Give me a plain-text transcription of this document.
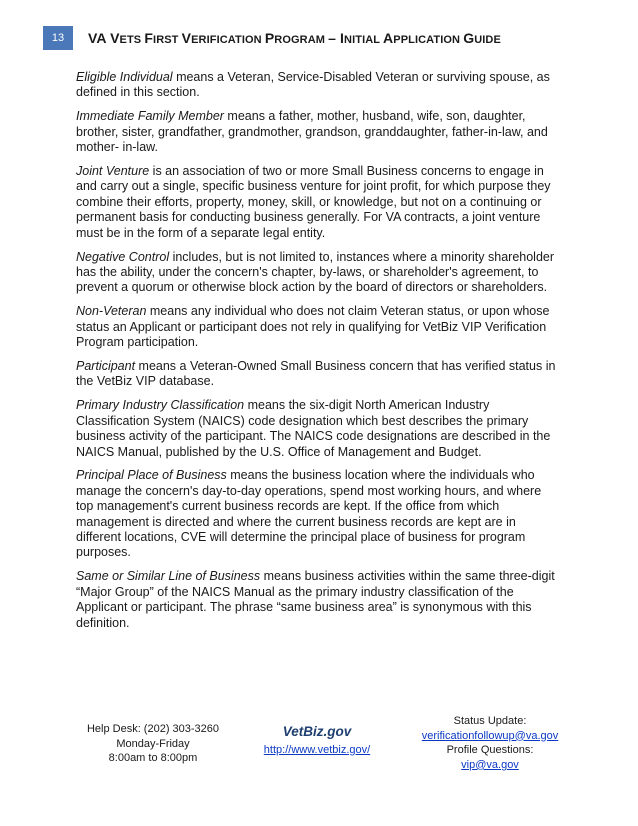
13	VA VETS FIRST VERIFICATION PROGRAM – INITIAL APPLICATION GUIDE

Eligible Individual means a Veteran, Service-Disabled Veteran or surviving spouse, as defined in this section.

Immediate Family Member means a father, mother, husband, wife, son, daughter, brother, sister, grandfather, grandmother, grandson, granddaughter, father-in-law, and mother- in-law.

Joint Venture is an association of two or more Small Business concerns to engage in and carry out a single, specific business venture for joint profit, for which purpose they combine their efforts, property, money, skill, or knowledge, but not on a continuing or permanent basis for conducting business generally. For VA contracts, a joint venture must be in the form of a separate legal entity.

Negative Control includes, but is not limited to, instances where a minority shareholder has the ability, under the concern's chapter, by-laws, or shareholder's agreement, to prevent a quorum or otherwise block action by the board of directors or shareholders.

Non-Veteran means any individual who does not claim Veteran status, or upon whose status an Applicant or participant does not rely in qualifying for VetBiz VIP Verification Program participation.

Participant means a Veteran-Owned Small Business concern that has verified status in the VetBiz VIP database.

Primary Industry Classification means the six-digit North American Industry Classification System (NAICS) code designation which best describes the primary business activity of the participant. The NAICS code designations are described in the NAICS Manual, published by the U.S. Office of Management and Budget.

Principal Place of Business means the business location where the individuals who manage the concern's day-to-day operations, spend most working hours, and where top management's current business records are kept. If the office from which management is directed and where the current business records are kept are in different locations, CVE will determine the principal place of business for program purposes.

Same or Similar Line of Business means business activities within the same three-digit “Major Group” of the NAICS Manual as the primary industry classification of the Applicant or participant. The phrase “same business area” is synonymous with this definition.

Help Desk: (202) 303-3260
Monday-Friday
8:00am to 8:00pm
VetBiz.gov
http://www.vetbiz.gov/
Status Update:
verificationfollowup@va.gov
Profile Questions:
vip@va.gov
